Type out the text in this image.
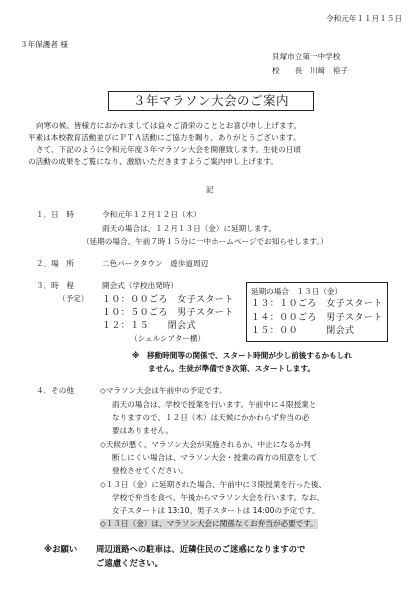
令和元年１１月１５日
３年保護者 様
貝塚市立第一中学校
校　　長　川﨑　裕子
３年マラソン大会のご案内
向寒の候、皆様方におかれましては益々ご清栄のこととお喜び申し上げます。
平素は本校教育活動並びにＰＴＡ活動にご協力を賜り、ありがとうございます。
さて、下記のように令和元年度３年マラソン大会を開催致します。生徒の日頃
の活動の成果をご覧になり、激励いただきますようご案内申し上げます。
記
１．日　時	令和元年１２月１２日（木）
雨天の場合は、１２月１３日（金）に延期します。
（延期の場合、午前７時１５分に一中ホームページでお知らせします。）
２．場　所	二色パークタウン　遊歩道周辺
３．時　程
（予定）
開会式（学校出発時）
１０：００ごろ　女子スタート
１０：５０ごろ　男子スタート
１２：１５　　閉会式
（シェルシアター横）
延期の場合　１３日（金）
１３：１０ごろ　女子スタート
１４：００ごろ　男子スタート
１５：００　　　閉会式
※　移動時間等の関係で、スタート時間が少し前後するかもしれ
ません。生徒が準備でき次第、スタートします。
４．その他	◇マラソン大会は午前中の予定です。
雨天の場合は、学校で授業を行います。午前中に４限授業と
なりますので、１２日（木）は天候にかかわらず弁当の必
要はありません。
◇天候が悪く、マラソン大会が実施されるか、中止になるか判
断しにくい場合は、マラソン大会・授業の両方の用意をして
登校させてください。
◇１３日（金）に延期された場合、午前中に３限授業を行った後、
学校で弁当を食べ、午後からマラソン大会を行います。なお、
女子スタートは 13:10、男子スタートは 14:00の予定です。
◇１３日（金）は、マラソン大会に関係なくお弁当が必要です。
※お願い 周辺道路への駐車は、近隣住民のご迷惑になりますので
ご遠慮ください。
